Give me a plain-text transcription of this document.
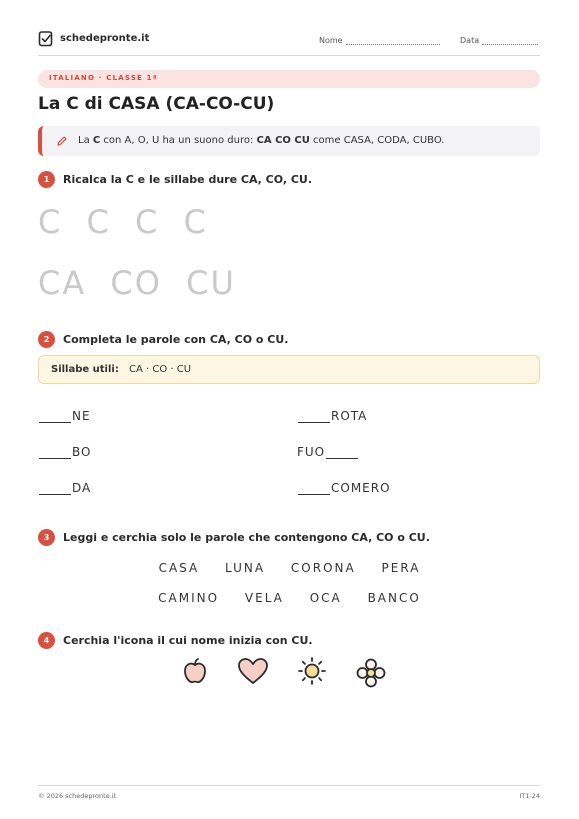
schedepronte.it	Nome	Data
ITALIANO · CLASSE 1ª
La C di CASA (CA-CO-CU)
La C con A, O, U ha un suono duro: CA CO CU come CASA, CODA, CUBO.
1	Ricalca la C e le sillabe dure CA, CO, CU.
C C C C
CA CO CU
2	Completa le parole con CA, CO o CU.
Sillabe utili: CA · CO · CU
NE	ROTA
BO	FUO
DA	COMERO
3	Leggi e cerchia solo le parole che contengono CA, CO o CU.
CASA LUNA CORONA PERA
CAMINO VELA OCA BANCO
4	Cerchia l'icona il cui nome inizia con CU.
© 2026 schedepronte.it	IT1-24
